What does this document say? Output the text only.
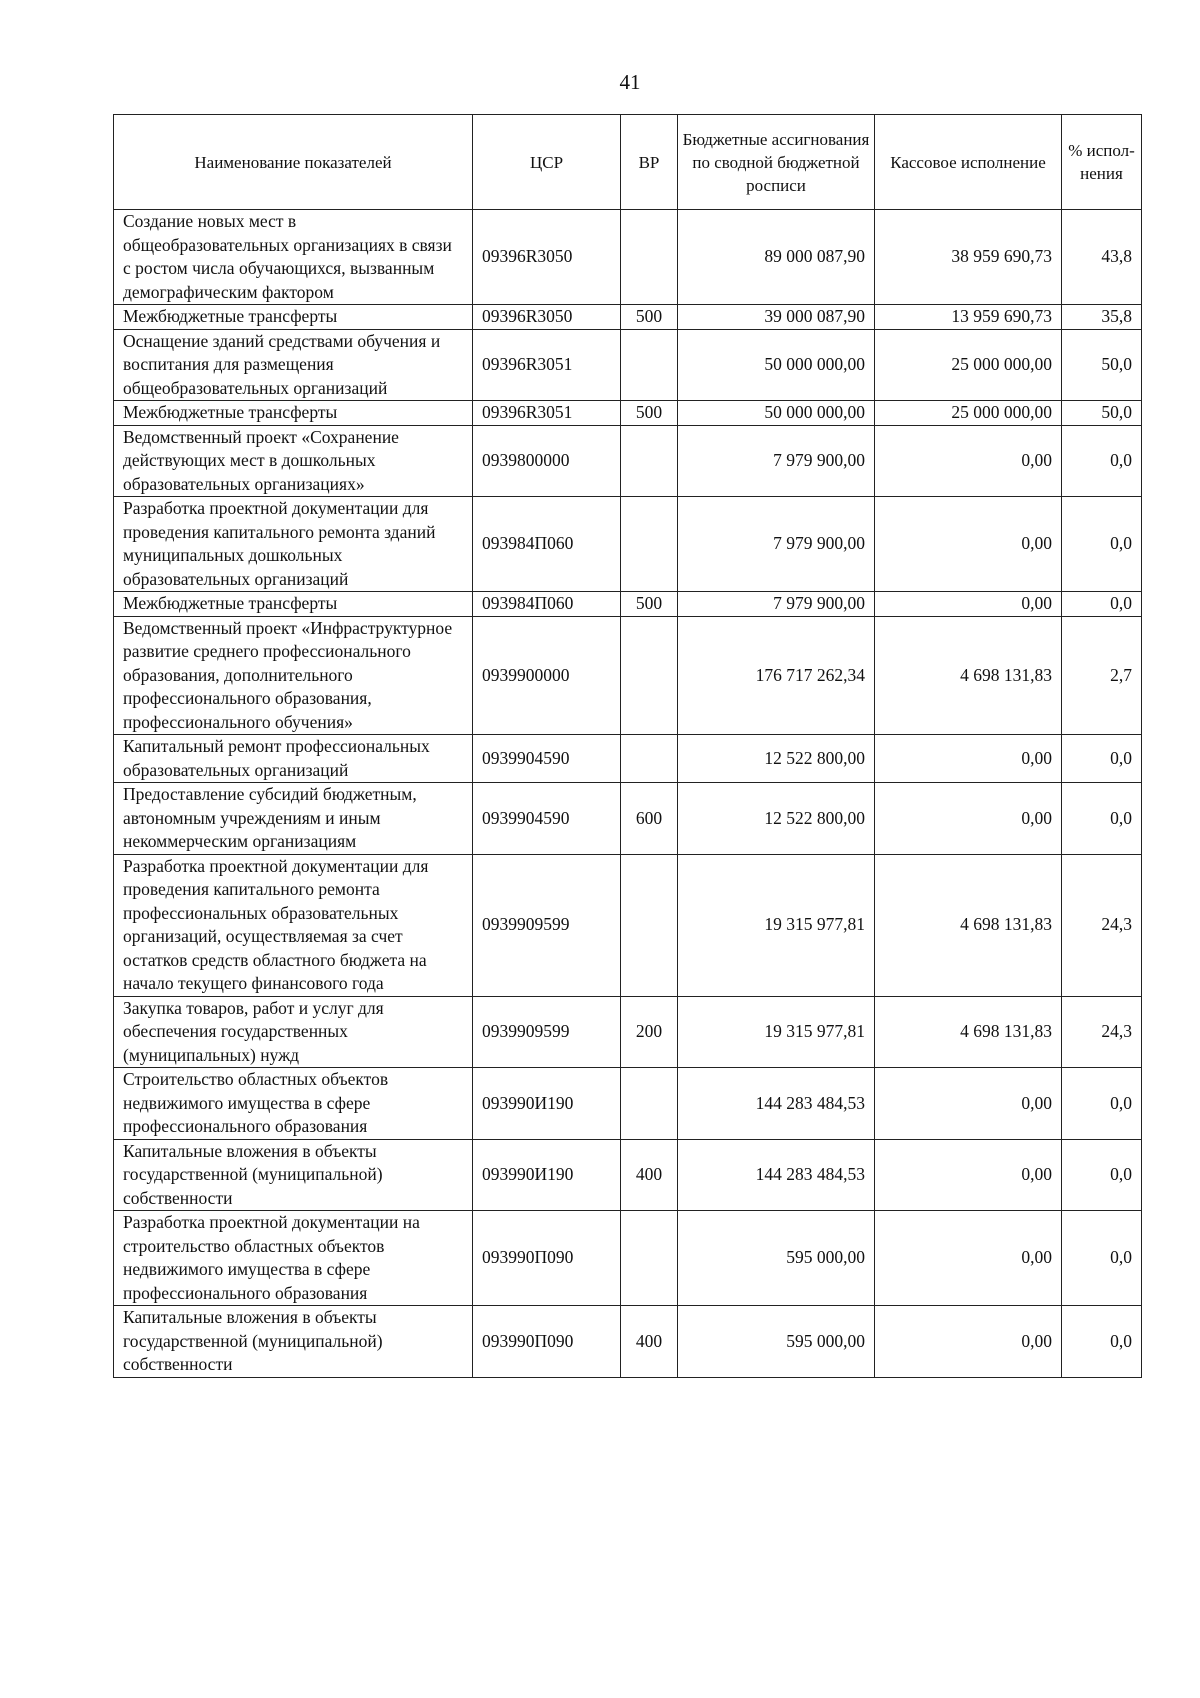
41
Наименование показателей	ЦСР	ВР	Бюджетные ассигнования по сводной бюджетной росписи	Кассовое исполнение	% испол-нения
Создание новых мест в общеобразовательных организациях в связи с ростом числа обучающихся, вызванным демографическим фактором	09396R3050		89 000 087,90	38 959 690,73	43,8
Межбюджетные трансферты	09396R3050	500	39 000 087,90	13 959 690,73	35,8
Оснащение зданий средствами обучения и воспитания для размещения общеобразовательных организаций	09396R3051		50 000 000,00	25 000 000,00	50,0
Межбюджетные трансферты	09396R3051	500	50 000 000,00	25 000 000,00	50,0
Ведомственный проект «Сохранение действующих мест в дошкольных образовательных организациях»	0939800000		7 979 900,00	0,00	0,0
Разработка проектной документации для проведения капитального ремонта зданий муниципальных дошкольных образовательных организаций	093984П060		7 979 900,00	0,00	0,0
Межбюджетные трансферты	093984П060	500	7 979 900,00	0,00	0,0
Ведомственный проект «Инфраструктурное развитие среднего профессионального образования, дополнительного профессионального образования, профессионального обучения»	0939900000		176 717 262,34	4 698 131,83	2,7
Капитальный ремонт профессиональных образовательных организаций	0939904590		12 522 800,00	0,00	0,0
Предоставление субсидий бюджетным, автономным учреждениям и иным некоммерческим организациям	0939904590	600	12 522 800,00	0,00	0,0
Разработка проектной документации для проведения капитального ремонта профессиональных образовательных организаций, осуществляемая за счет остатков средств областного бюджета на начало текущего финансового года	0939909599		19 315 977,81	4 698 131,83	24,3
Закупка товаров, работ и услуг для обеспечения государственных (муниципальных) нужд	0939909599	200	19 315 977,81	4 698 131,83	24,3
Строительство областных объектов недвижимого имущества в сфере профессионального образования	093990И190		144 283 484,53	0,00	0,0
Капитальные вложения в объекты государственной (муниципальной) собственности	093990И190	400	144 283 484,53	0,00	0,0
Разработка проектной документации на строительство областных объектов недвижимого имущества в сфере профессионального образования	093990П090		595 000,00	0,00	0,0
Капитальные вложения в объекты государственной (муниципальной) собственности	093990П090	400	595 000,00	0,00	0,0
